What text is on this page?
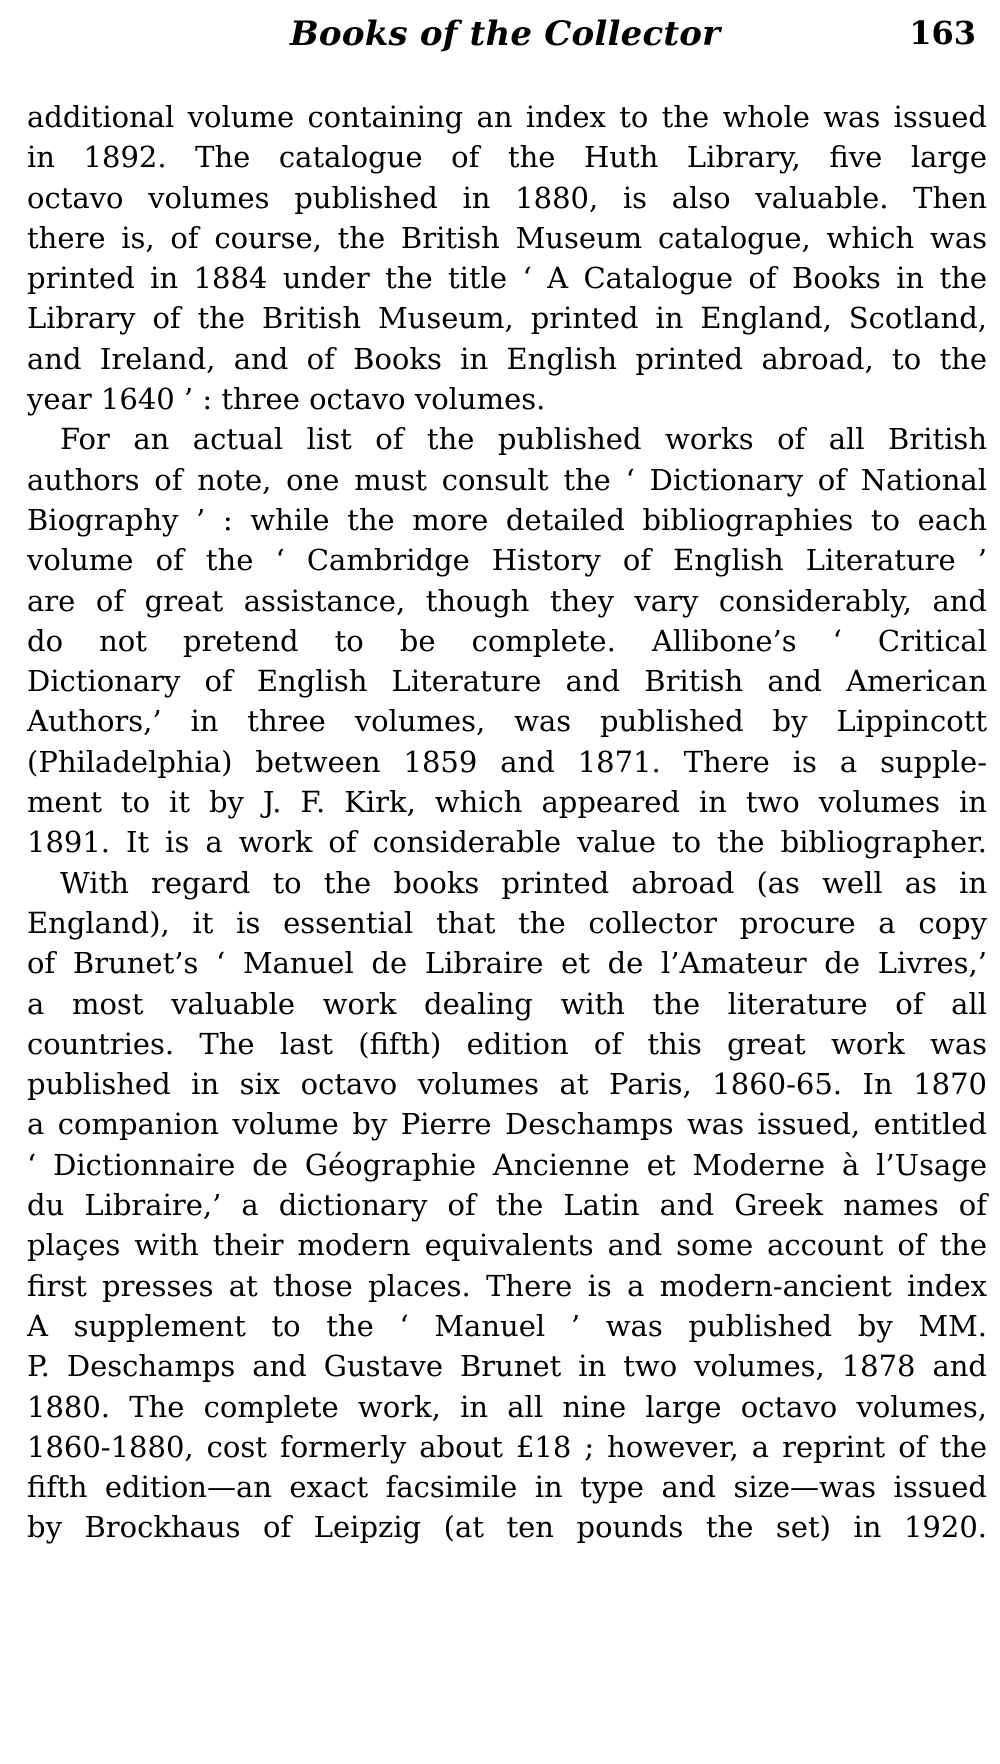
Books of the Collector	163
additional volume containing an index to the whole was issued
in 1892. The catalogue of the Huth Library, five large
octavo volumes published in 1880, is also valuable. Then
there is, of course, the British Museum catalogue, which was
printed in 1884 under the title ‘ A Catalogue of Books in the
Library of the British Museum, printed in England, Scotland,
and Ireland, and of Books in English printed abroad, to the
year 1640 ’ : three octavo volumes.
For an actual list of the published works of all British
authors of note, one must consult the ‘ Dictionary of National
Biography ’ : while the more detailed bibliographies to each
volume of the ‘ Cambridge History of English Literature ’
are of great assistance, though they vary considerably, and
do not pretend to be complete. Allibone’s ‘ Critical
Dictionary of English Literature and British and American
Authors,’ in three volumes, was published by Lippincott
(Philadelphia) between 1859 and 1871. There is a supple-
ment to it by J. F. Kirk, which appeared in two volumes in
1891. It is a work of considerable value to the bibliographer.
With regard to the books printed abroad (as well as in
England), it is essential that the collector procure a copy
of Brunet’s ‘ Manuel de Libraire et de l’Amateur de Livres,’
a most valuable work dealing with the literature of all
countries. The last (fifth) edition of this great work was
published in six octavo volumes at Paris, 1860-65. In 1870
a companion volume by Pierre Deschamps was issued, entitled
‘ Dictionnaire de Géographie Ancienne et Moderne à l’Usage
du Libraire,’ a dictionary of the Latin and Greek names of
plaçes with their modern equivalents and some account of the
first presses at those places. There is a modern-ancient index
A supplement to the ‘ Manuel ’ was published by MM.
P. Deschamps and Gustave Brunet in two volumes, 1878 and
1880. The complete work, in all nine large octavo volumes,
1860-1880, cost formerly about £18 ; however, a reprint of the
fifth edition—an exact facsimile in type and size—was issued
by Brockhaus of Leipzig (at ten pounds the set) in 1920.
